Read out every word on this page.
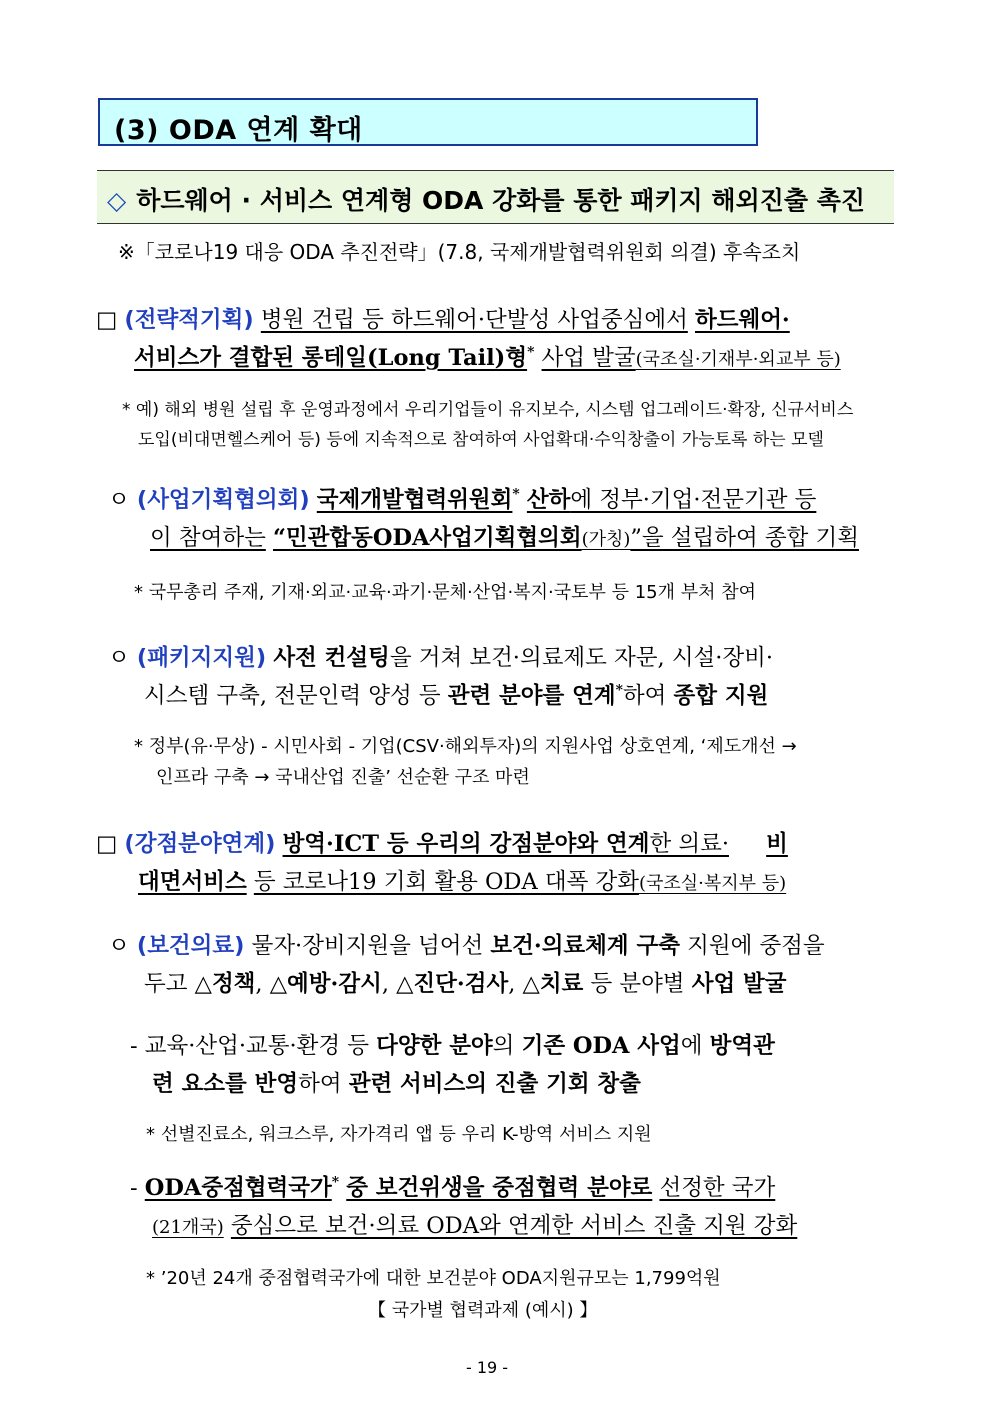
(3) ODA 연계 확대
◇ 하드웨어 · 서비스 연계형 ODA 강화를 통한 패키지 해외진출 촉진
※「코로나19 대응 ODA 추진전략」(7.8, 국제개발협력위원회 의결) 후속조치
□ (전략적기획) 병원 건립 등 하드웨어·단발성 사업중심에서 하드웨어·
서비스가 결합된 롱테일(Long Tail)형* 사업 발굴(국조실·기재부·외교부 등)
* 예) 해외 병원 설립 후 운영과정에서 우리기업들이 유지보수, 시스템 업그레이드·확장, 신규서비스
도입(비대면헬스케어 등) 등에 지속적으로 참여하여 사업확대·수익창출이 가능토록 하는 모델
ㅇ (사업기획협의회) 국제개발협력위원회* 산하에 정부·기업·전문기관 등
이 참여하는 “민관합동ODA사업기획협의회(가칭)”을 설립하여 종합 기획
* 국무총리 주재, 기재·외교·교육·과기·문체·산업·복지·국토부 등 15개 부처 참여
ㅇ (패키지지원) 사전 컨설팅을 거쳐 보건·의료제도 자문, 시설·장비·
시스템 구축, 전문인력 양성 등 관련 분야를 연계*하여 종합 지원
* 정부(유·무상) - 시민사회 - 기업(CSV·해외투자)의 지원사업 상호연계, ‘제도개선 →
인프라 구축 → 국내산업 진출’ 선순환 구조 마련
□ (강점분야연계) 방역·ICT 등 우리의 강점분야와 연계한 의료· 비
대면서비스 등 코로나19 기회 활용 ODA 대폭 강화(국조실·복지부 등)
ㅇ (보건의료) 물자·장비지원을 넘어선 보건·의료체계 구축 지원에 중점을
두고 △정책, △예방·감시, △진단·검사, △치료 등 분야별 사업 발굴
- 교육·산업·교통·환경 등 다양한 분야의 기존 ODA 사업에 방역관
련 요소를 반영하여 관련 서비스의 진출 기회 창출
* 선별진료소, 워크스루, 자가격리 앱 등 우리 K-방역 서비스 지원
- ODA중점협력국가* 중 보건위생을 중점협력 분야로 선정한 국가
(21개국) 중심으로 보건·의료 ODA와 연계한 서비스 진출 지원 강화
* ’20년 24개 중점협력국가에 대한 보건분야 ODA지원규모는 1,799억원
【 국가별 협력과제 (예시) 】
- 19 -
